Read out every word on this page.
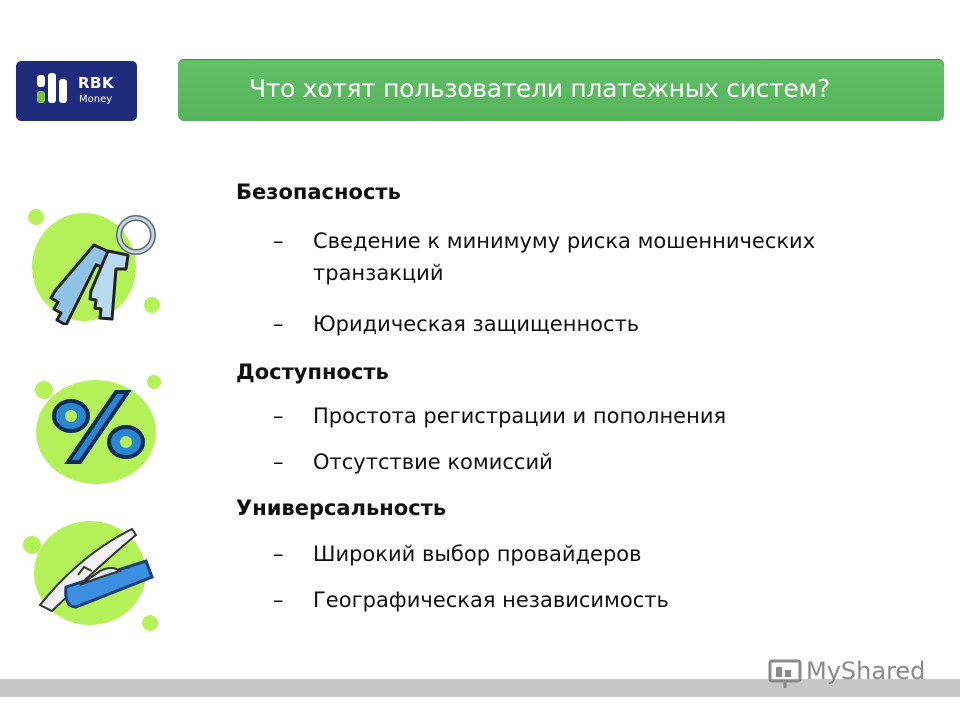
RBK
Money	Что хотят пользователи платежных систем?
Безопасность
– Сведение к минимуму риска мошеннических транзакций
– Юридическая защищенность
Доступность
– Простота регистрации и пополнения
– Отсутствие комиссий
Универсальность
– Широкий выбор провайдеров
– Географическая независимость
MyShared
